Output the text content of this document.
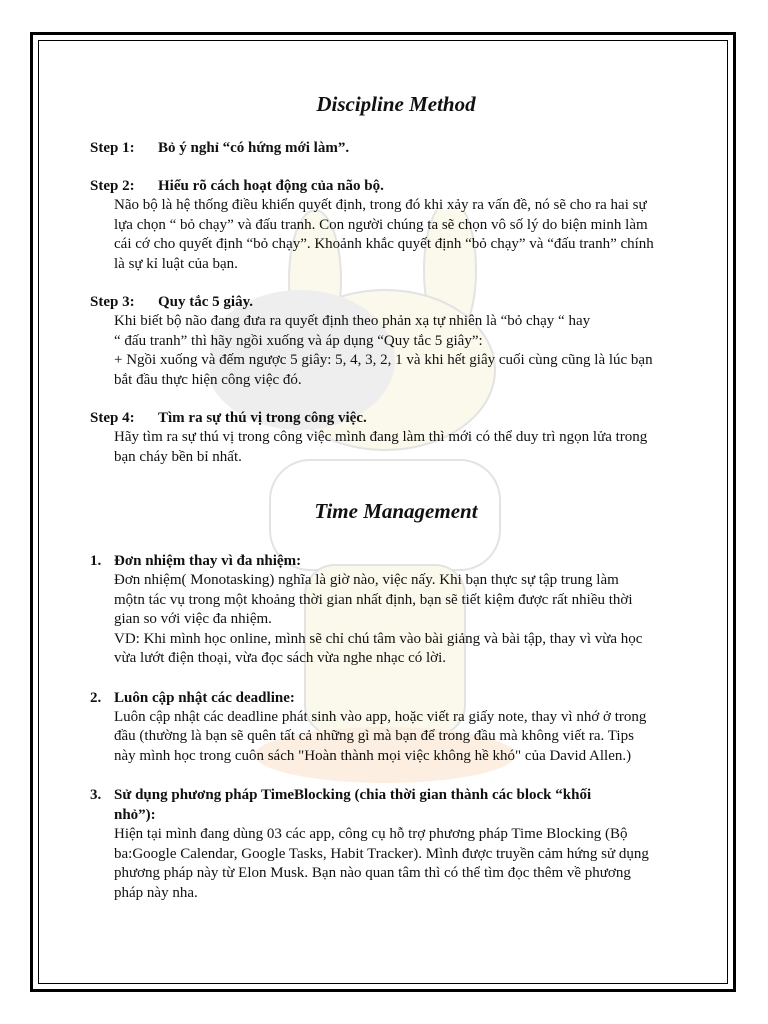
Discipline Method
Step 1: Bỏ ý nghỉ “có hứng mới làm”.
Step 2: Hiểu rõ cách hoạt động của não bộ.
Não bộ là hệ thống điều khiển quyết định, trong đó khi xảy ra vấn đề, nó sẽ cho ra hai sự
lựa chọn “ bỏ chạy” và đấu tranh. Con người chúng ta sẽ chọn vô số lý do biện minh làm
cái cớ cho quyết định “bỏ chạy”. Khoảnh khắc quyết định “bỏ chạy” và “đấu tranh” chính
là sự kỉ luật của bạn.
Step 3: Quy tắc 5 giây.
Khi biết bộ não đang đưa ra quyết định theo phản xạ tự nhiên là “bỏ chạy “ hay
“ đấu tranh” thì hãy ngồi xuống và áp dụng “Quy tắc 5 giây”:
+ Ngồi xuống và đếm ngược 5 giây: 5, 4, 3, 2, 1 và khi hết giây cuối cùng cũng là lúc bạn
bắt đầu thực hiện công việc đó.
Step 4: Tìm ra sự thú vị trong công việc.
Hãy tìm ra sự thú vị trong công việc mình đang làm thì mới có thể duy trì ngọn lửa trong
bạn cháy bền bỉ nhất.
Time Management
1. Đơn nhiệm thay vì đa nhiệm:
Đơn nhiệm( Monotasking) nghĩa là giờ nào, việc nấy. Khi bạn thực sự tập trung làm
mộtn tác vụ trong một khoảng thời gian nhất định, bạn sẽ tiết kiệm được rất nhiều thời
gian so với việc đa nhiệm.
VD: Khi mình học online, mình sẽ chỉ chú tâm vào bài giảng và bài tập, thay vì vừa học
vừa lướt điện thoại, vừa đọc sách vừa nghe nhạc có lời.
2. Luôn cập nhật các deadline:
Luôn cập nhật các deadline phát sinh vào app, hoặc viết ra giấy note, thay vì nhớ ở trong
đầu (thường là bạn sẽ quên tất cả những gì mà bạn để trong đầu mà không viết ra. Tips
này mình học trong cuôn sách "Hoàn thành mọi việc không hề khó" của David Allen.)
3. Sử dụng phương pháp TimeBlocking (chia thời gian thành các block “khối
nhỏ”):
Hiện tại mình đang dùng 03 các app, công cụ hỗ trợ phương pháp Time Blocking (Bộ
ba:Google Calendar, Google Tasks, Habit Tracker). Mình được truyền cảm hứng sử dụng
phương pháp này từ Elon Musk. Bạn nào quan tâm thì có thể tìm đọc thêm về phương
pháp này nha.
